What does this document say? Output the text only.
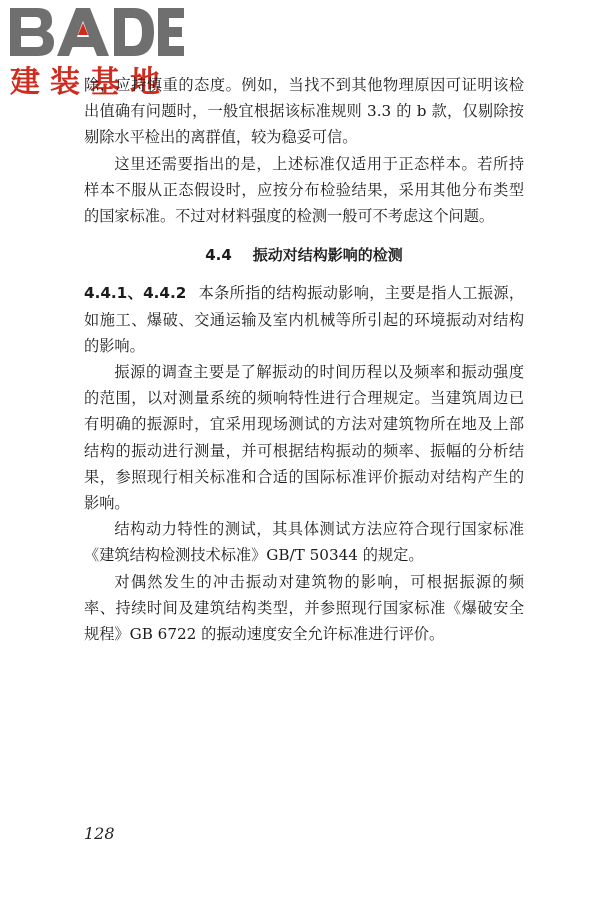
建装基地

除，应持慎重的态度。例如，当找不到其他物理原因可证明该检出值确有问题时，一般宜根据该标准规则 3.3 的 b 款，仅剔除按剔除水平检出的离群值，较为稳妥可信。

这里还需要指出的是，上述标准仅适用于正态样本。若所持样本不服从正态假设时，应按分布检验结果，采用其他分布类型的国家标准。不过对材料强度的检测一般可不考虑这个问题。

4.4 振动对结构影响的检测

4.4.1、4.4.2 本条所指的结构振动影响，主要是指人工振源，如施工、爆破、交通运输及室内机械等所引起的环境振动对结构的影响。

振源的调查主要是了解振动的时间历程以及频率和振动强度的范围，以对测量系统的频响特性进行合理规定。当建筑周边已有明确的振源时，宜采用现场测试的方法对建筑物所在地及上部结构的振动进行测量，并可根据结构振动的频率、振幅的分析结果，参照现行相关标准和合适的国际标准评价振动对结构产生的影响。

结构动力特性的测试，其具体测试方法应符合现行国家标准《建筑结构检测技术标准》GB/T 50344 的规定。

对偶然发生的冲击振动对建筑物的影响，可根据振源的频率、持续时间及建筑结构类型，并参照现行国家标准《爆破安全规程》GB 6722 的振动速度安全允许标准进行评价。

128
